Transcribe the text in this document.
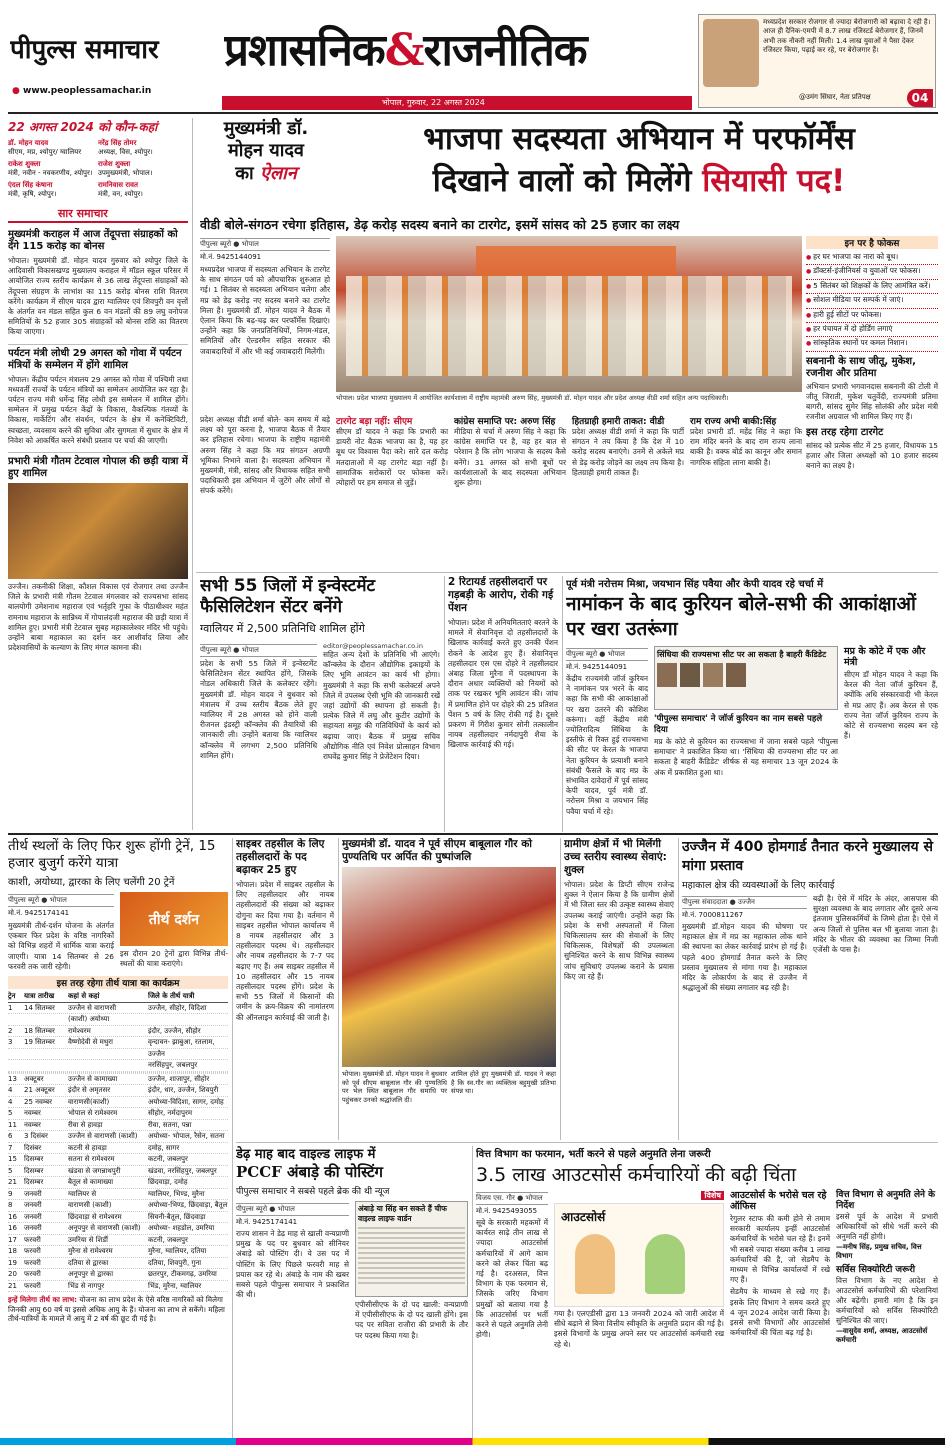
पीपुल्स समाचार
● www.peoplessamachar.in
प्रशासनिक&राजनीतिक
भोपाल, गुरुवार, 22 अगस्त 2024
मध्यप्रदेश सरकार रोजगार से ज्यादा बेरोजगारी को बढ़ावा दे रही है। आज ही दैनिक-एमपी में 8.7 लाख रजिस्टर्ड बेरोजगार हैं, जिनमें अभी तक नौकरी नहीं मिली। 1.4 लाख युवाओं ने पैसा देकर रजिस्टर किया, पढ़ाई कर रहे, पर बेरोजगार हैं।
@उमंग सिंघार, नेता प्रतिपक्ष	04
22 अगस्त 2024 को कौन-कहां
डॉ. मोहन यादव
सीएम, मप्र, श्योपुर/ ग्वालियर
नरेंद्र सिंह तोमर
अध्यक्ष, विस, श्योपुर।
राकेश शुक्ला
मंत्री, नवीन - नवकरणीय, श्योपुर।
राजेश शुक्ला
उपमुख्यमंत्री, भोपाल।
एंदल सिंह कंषाना
मंत्री, कृषि, श्योपुर।
रामनिवास रावत
मंत्री, वन, श्योपुर।
सार समाचार
मुख्यमंत्री कराहल में आज तेंदूपत्ता संग्राहकों को देंगे 115 करोड़ का बोनस
भोपाल। मुख्यमंत्री डॉ. मोहन यादव गुरुवार को श्योपुर जिले के आदिवासी विकासखण्ड मुख्यालय कराहल में मॉडल स्कूल परिसर में आयोजित राज्य स्तरीय कार्यक्रम से 36 लाख तेंदूपत्ता संग्राहकों को तेंदूपत्ता संग्रहण के लाभांश का 115 करोड़ बोनस राशि वितरण करेंगे। कार्यक्रम में सीएम यादव द्वारा ग्वालियर एवं शिवपुरी वन वृत्तों के अंतर्गत वन मंडल सहित कुल 6 वन मंडलों की 89 लघु वनोपज समितियों के 52 हजार 305 संग्राहकों को बोनस राशि का वितरण किया जाएगा।
पर्यटन मंत्री लोधी 29 अगस्त को गोवा में पर्यटन मंत्रियों के सम्मेलन में होंगे शामिल
भोपाल। केंद्रीय पर्यटन मंत्रालय 29 अगस्त को गोवा में पश्चिमी तथा मध्यवर्ती राज्यों के पर्यटन मंत्रियों का सम्मेलन आयोजित कर रहा है। पर्यटन राज्य मंत्री धर्मेन्द्र सिंह लोधी इस सम्मेलन में शामिल होंगे। सम्मेलन में प्रमुख पर्यटन केंद्रों के विकास, वैकल्पिक गंतव्यों के विकास, मार्केटिंग और संवर्धन, पर्यटन के क्षेत्र में कनेक्टिविटी, स्वच्छता, व्यवसाय करने की सुविधा और सुगमता में सुधार के क्षेत्र में निवेश को आकर्षित करने संबंधी प्रस्ताव पर चर्चा की जाएगी।
प्रभारी मंत्री गौतम टेटवाल गोपाल की छड़ी यात्रा में हुए शामिल
उज्जैन। तकनीकी शिक्षा, कौशल विकास एवं रोजगार तथा उज्जैन जिले के प्रभारी मंत्री गौतम टेटवाल मंगलवार को राज्यसभा सांसद बालयोगी उमेशनाथ महाराज एवं भर्तृहरि गुफा के पीठाधीश्वर महंत रामनाथ महाराज के सान्निध्य में गोपालंदजी महाराज की छड़ी यात्रा में शामिल हुए। प्रभारी मंत्री टेटवाल सुबह महाकालेश्वर मंदिर भी पहुंचे। उन्होंने बाबा महाकाल का दर्शन कर आशीर्वाद लिया और प्रदेशवासियों के कल्याण के लिए मंगल कामना की।
मुख्यमंत्री डॉ.
मोहन यादव
का ऐलान
भाजपा सदस्यता अभियान में परफॉर्मेंस
दिखाने वालों को मिलेंगे सियासी पद!
वीडी बोले-संगठन रचेगा इतिहास, डेढ़ करोड़ सदस्य बनाने का टारगेट, इसमें सांसद को 25 हजार का लक्ष्य
पीपुल्स ब्यूरो ● भोपाल
मो.नं. 9425144091
मध्यप्रदेश भाजपा में सदस्यता अभियान के टारगेट के साथ संगठन पर्व को औपचारिक शुरुआत हो गई। 1 सितंबर से सदस्यता अभियान चलेगा और मप्र को डेढ़ करोड़ नए सदस्य बनाने का टारगेट मिला है। मुख्यमंत्री डॉ. मोहन यादव ने बैठक में ऐलान किया कि बढ़-चढ़ कर परफॉर्मेंस दिखाएं। उन्होंने कहा कि जनप्रतिनिधियों, निगम-मंडल, समितियों और ऐल्डरमैन सहित सरकार की जवाबदारियों में और भी कई जवाबदारी मिलेंगी।
प्रदेश अध्यक्ष वीडी शर्मा बोले- कम समय में बड़े लक्ष्य को पूरा करना है, भाजपा बैठक में तैयार कर इतिहास रचेगा। भाजपा के राष्ट्रीय महामंत्री अरुण सिंह ने कहा कि मप्र संगठन अग्रणी भूमिका निभाने वाला है। सदस्यता अभियान में मुख्यमंत्री, मंत्री, सांसद और विधायक सहित सभी पदाधिकारी इस अभियान में जुटेंगे और लोगों से संपर्क करेंगे।
भोपाल। प्रदेश भाजपा मुख्यालय में आयोजित कार्यशाला में राष्ट्रीय महामंत्री अरुण सिंह, मुख्यमंत्री डॉ. मोहन यादव और प्रदेश अध्यक्ष वीडी शर्मा सहित अन्य पदाधिकारी।
इन पर है फोकस
● हर घर भाजपा का नारा को बूथ।
● डॉक्टर्स-इंजीनियर्स व युवाओं पर फोकस।
● 5 सितंबर को शिक्षकों के लिए आमंत्रित करें।
● सोशल मीडिया पर सम्पर्क में जाएं।
● हारी हुई सीटों पर फोकस।
● हर पंचायत में दो होर्डिंग लगाएं
● सांस्कृतिक स्थानों पर कमल निशान।
सबनानी के साथ जीतू, मुकेश, रजनीश और प्रतिमा
अभियान प्रभारी भगवानदास सबनानी की टोली में जीतू जिराती, मुकेश चतुर्वेदी, राज्यमंत्री प्रतिमा बागरी, सांसद सुमेर सिंह सोलंकी और प्रदेश मंत्री रजनीश अग्रवाल भी शामिल किए गए हैं।
इस तरह रहेगा टारगेट
सांसद को प्रत्येक सीट में 25 हजार, विधायक 15 हजार और जिला अध्यक्षों को 10 हजार सदस्य बनाने का लक्ष्य है।
टारगेट बड़ा नहीं: सीएम
सीएम डॉ यादव ने कहा कि प्रभारी का डायरी नोट बैठक भाजपा का है, यह हर बूथ पर विश्वास पैदा करे। सारे दल करोड़ मतदाताओं में यह टारगेट बड़ा नहीं है। सामाजिक सरोकारों पर फोकस करें। त्योहारों पर हम समाज से जुड़ें।
कांग्रेस समाप्ति पर: अरुण सिंह
मीडिया से चर्चा में अरुण सिंह ने कहा कि कांग्रेस समाप्ति पर है, वह हर बात से परेशान है कि लोग भाजपा के सदस्य कैसे बनेंगे। 31 अगस्त को सभी बूथों पर कार्यशालाओं के बाद सदस्यता अभियान शुरू होगा।
हितग्राही हमारी ताकत: वीडी
प्रदेश अध्यक्ष वीडी शर्मा ने कहा कि पार्टी संगठन ने तय किया है कि देश में 10 करोड़ सदस्य बनाएंगे। उनमें से अकेले मप्र से डेढ़ करोड़ जोड़ने का लक्ष्य तय किया है। हितग्राही हमारी ताकत हैं।
राम राज्य अभी बाकी:सिंह
प्रदेश प्रभारी डॉ. महेंद्र सिंह ने कहा कि राम मंदिर बनने के बाद राम राज्य लाना बाकी है। वक्फ बोर्ड का कानून और समान नागरिक संहिता लाना बाकी है।
सभी 55 जिलों में इन्वेस्टमेंट फैसिलिटेशन सेंटर बनेंगे
ग्वालियर में 2,500 प्रतिनिधि शामिल होंगे
पीपुल्स ब्यूरो ● भोपाल
प्रदेश के सभी 55 जिले में इन्वेस्टमेंट फेसिलिटेशन सेंटर स्थापित होंगे, जिसके नोडल अधिकारी जिले के कलेक्टर रहेंगे। मुख्यमंत्री डॉ. मोहन यादव ने बुधवार को मंत्रालय में उच्च स्तरीय बैठक लेते हुए ग्वालियर में 28 अगस्त को होने वाली रीजनल इंडस्ट्री कॉन्क्लेव की तैयारियों की जानकारी ली। उन्होंने बताया कि ग्वालियर कॉन्क्लेव में लगभग 2,500 प्रतिनिधि शामिल होंगे।
editor@peoplessamachar.co.in
सहित अन्य देशों के प्रतिनिधि भी आएंगे। कॉन्क्लेव के दौरान औद्योगिक इकाइयों के लिए भूमि आवंटन का कार्य भी होगा। मुख्यमंत्री ने कहा कि सभी कलेक्टर्स अपने जिले में उपलब्ध ऐसी भूमि की जानकारी रखें जहां उद्योगों की स्थापना हो सकती है। प्रत्येक जिले में लघु और कुटीर उद्योगों के सहायता समूह की गतिविधियों के कार्य को बढ़ाया जाए। बैठक में प्रमुख सचिव औद्योगिक नीति एवं निवेश प्रोत्साहन विभाग राघवेंद्र कुमार सिंह ने प्रेजेंटेशन दिया।
2 रिटायर्ड तहसीलदारों पर गड़बड़ी के आरोप, रोकी गई पेंशन
भोपाल। प्रदेश में अनियमितताएं बरतने के मामले में सेवानिवृत्त दो तहसीलदारों के खिलाफ कार्रवाई करते हुए उनकी पेंशन रोकने के आदेश हुए हैं। सेवानिवृत्त तहसीलदार एस एस दोहरे ने तहसीलदार अंबाह जिला मुरैना में पदस्थापना के दौरान अधार व्यक्तियों को नियमों को ताक पर रखकर भूमि आवंटन की। जांच में प्रमाणित होने पर दोहरे की 25 प्रतिशत पेंशन 5 वर्ष के लिए रोकी गई है। दूसरे प्रकरण में गिरीश कुमार सोनी तत्कालीन नायब तहसीलदार नर्मदापुरी शैया के खिलाफ कार्रवाई की गई।
पूर्व मंत्री नरोत्तम मिश्रा, जयभान सिंह पवैया और केपी यादव रहे चर्चा में
नामांकन के बाद कुरियन बोले-सभी की आकांक्षाओं पर खरा उतरूंगा
पीपुल्स ब्यूरो ● भोपाल
मो.नं. 9425144091
केंद्रीय राज्यमंत्री जॉर्ज कुरियन ने नामांकन पत्र भरने के बाद कहा कि सभी की आकांक्षाओं पर खरा उतरने की कोशिश करूंगा। वहीं केंद्रीय मंत्री ज्योतिरादित्य सिंधिया के इस्तीफे से रिक्त हुई राज्यसभा की सीट पर केरल के भाजपा नेता कुरियन के प्रत्याशी बनाने संबंधी फैसले के बाद मप्र के संभावित दावेदारों में पूर्व सांसद केपी यादव, पूर्व मंत्री डॉ. नरोत्तम मिश्रा व जयभान सिंह पवैया चर्चा में रहे।
सिंधिया की राज्यसभा सीट पर आ सकता है बाहरी कैंडिडेट
'पीपुल्स समाचार' ने जॉर्ज कुरियन का नाम सबसे पहले दिया
मप्र के कोटे से कुरियन का राज्यसभा में जाना सबसे पहले 'पीपुल्स समाचार' ने प्रकाशित किया था। 'सिंधिया की राज्यसभा सीट पर आ सकता है बाहरी कैंडिडेट' शीर्षक से यह समाचार 13 जून 2024 के अंक में प्रकाशित हुआ था।
मप्र के कोटे में एक और मंत्री
सीएम डॉ मोहन यादव ने कहा कि केरल की नेता जॉर्ज कुरियन हैं, क्योंकि अधि संस्कारवादी भी केरल से मप्र आए हैं। अब केरल से एक राज्य नेता जॉर्ज कुरियन राज्य के कोटे से राज्यसभा सदस्य बन रहे हैं।
तीर्थ स्थलों के लिए फिर शुरू होंगी ट्रेनें, 15 हजार बुजुर्ग करेंगे यात्रा
काशी, अयोध्या, द्वारका के लिए चलेंगी 20 ट्रेनें
पीपुल्स ब्यूरो ● भोपाल
मो.नं. 9425174141
मुख्यमंत्री तीर्थ-दर्शन योजना के अंतर्गत एकबार फिर प्रदेश के वरिष्ठ नागरिकों को विभिन्न शहरों में धार्मिक यात्रा कराई जाएगी। यात्रा 14 सितम्बर से 26 फरवरी तक जारी रहेगी।
तीर्थ दर्शन
इस दौरान 20 ट्रेनों द्वारा विभिन्न तीर्थ-स्थलों की यात्रा कराएंगे।
इस तरह रहेगा तीर्थ यात्रा का कार्यक्रम
ट्रेन	यात्रा तारीख	कहां से कहां	जिले के तीर्थ यात्री
1	14 सितम्बर	उज्जैन से वाराणसी	उज्जैन, सीहोर, विदिशा
(काशी) अयोध्या
2	18 सितम्बर	रामेश्वरम	इंदौर, उज्जैन, सीहोर
3	19 सितम्बर	वैष्णोदेवी से मथुरा	वृन्दावन- झाबुआ, रतलाम,
उज्जैन
नरसिंहपुर, जबलपुर
13	अक्टूबर	उज्जैन से कामाख्या	उज्जैन, शाजापुर, सीहोर
4	21 अक्टूबर	इंदौर से अमृतसर	इंदौर, धार, उज्जैन, शिवपुरी
4	25 नवम्बर	वाराणसी(काशी)	अयोध्या-विदिशा, सागर, दमोह
5	नवम्बर	भोपाल से रामेश्वरम	सीहोर, नर्मदापुरम
11	नवम्बर	रीवा से हावड़ा	रीवा, सतना, पन्ना
6	3 दिसंबर	उज्जैन से वाराणसी (काशी)	अयोध्या- भोपाल, रैसेन, सतना
7	दिसंबर	कटनी से हावड़ा	दमोह, सागर
15	दिसम्बर	सतना से रामेश्वरम	कटनी, जबलपुर
5	दिसम्बर	खंडवा से जगन्नाथपुरी	खंडवा, नरसिंहपुर, जबलपुर
21	दिसम्बर	बैतूल से कामाख्या	छिंदवाड़ा, दमोह
9	जनवरी	ग्वालियर से	ग्वालियर, भिण्ड, मुरैना
8	जनवरी	वाराणसी (काशी)	अयोध्या-भिण्ड, छिंदवाड़ा, बैतूल
16	जनवरी	छिंदवाड़ा से रामेश्वरम	सिवनी-बैतूल, छिंदवाड़ा
16	जनवरी	अनूपपुर से वाराणसी (काशी)	अयोध्या- शहडोल, उमरिया
17	फरवरी	उमरिया से शिर्डी	कटनी, जबलपुर
18	फरवरी	मुरैना से रामेश्वरम	मुरैना, ग्वालियर, दतिया
19	फरवरी	दतिया से द्वारका	दतिया, शिवपुरी, गुना
20	फरवरी	अनूपपुर से द्वारका	छतरपुर, टीकमगढ़, उमरिया
21	फरवरी	भिंड से नागपुर	भिंड, मुरैना, ग्वालियर
इन्हें मिलेगा तीर्थ का लाभ: योजना का लाभ प्रदेश के ऐसे वरिष्ठ नागरिकों को मिलेगा जिनकी आयु 60 वर्ष या इससे अधिक आयु के हैं। योजना का लाभ ले सकेंगे। महिला तीर्थ-यात्रियों के मामले में आयु में 2 वर्ष की छूट दी गई है।
साइबर तहसील के लिए तहसीलदारों के पद बढ़ाकर 25 हुए
भोपाल। प्रदेश में साइबर तहसील के लिए तहसीलदार और नायब तहसीलदारों की संख्या को बढ़ाकर दोगुना कर दिया गया है। वर्तमान में साइबर तहसील भोपाल कार्यालय में 8 नायब तहसीलदार और 3 तहसीलदार पदस्थ थे। तहसीलदार और नायब तहसीलदार के 7-7 पद बढ़ाए गए हैं। अब साइबर तहसील में 10 तहसीलदार और 15 नायब तहसीलदार पदस्थ होंगे। प्रदेश के सभी 55 जिलों में किसानों की जमीन के क्रय-विक्रय की नामांतरण की ऑनलाइन कार्रवाई की जाती है।
मुख्यमंत्री डॉ. यादव ने पूर्व सीएम बाबूलाल गौर को पुण्यतिथि पर अर्पित की पुष्पांजलि
भोपाल। मुख्यमंत्री डॉ. मोहन यादव ने बुधवार को पूर्व सीएम बाबूलाल गौर की पुण्यतिथि पर भेल स्थित बाबूलाल गौर समाधि पर पहुंचकर उनको श्रद्धांजलि दी।
शामिल होते हुए मुख्यमंत्री डॉ. यादव ने कहा है कि स्व.गौर का व्यक्तित्व बहुमुखी प्रतिभा संपन्न था।
ग्रामीण क्षेत्रों में भी मिलेंगी उच्च स्तरीय स्वास्थ्य सेवाएं: शुक्ल
भोपाल। प्रदेश के डिप्टी सीएम राजेन्द्र शुक्ल ने ऐलान किया है कि ग्रामीण क्षेत्रों में भी जिला स्तर की उत्कृष्ट स्वास्थ्य सेवाएं उपलब्ध कराई जाएंगी। उन्होंने कहा कि प्रदेश के सभी अस्पतालों में जिला चिकित्सालय स्तर की सेवाओं के लिए चिकित्सक, विशेषज्ञों की उपलब्धता सुनिश्चित करने के साथ विभिन्न स्वास्थ्य जांच सुविधाएं उपलब्ध कराने के प्रयास किए जा रहे हैं।
उज्जैन में 400 होमगार्ड तैनात करने मुख्यालय से मांगा प्रस्ताव
महाकाल क्षेत्र की व्यवस्थाओं के लिए कार्रवाई
पीपुल्स संवाददाता ● उज्जैन
मो.नं. 7000811267
मुख्यमंत्री डॉ.मोहन यादव की घोषणा पर महाकाल क्षेत्र में मप्र का महाकाल लोक थाने की स्थापना का लेकर कार्रवाई प्रारंभ हो गई है। पहले 400 होमगार्ड तैनात करने के लिए प्रस्ताव मुख्यालय से मांगा गया है। महाकाल मंदिर के लोकार्पण के बाद से उज्जैन में श्रद्धालुओं की संख्या लगातार बढ़ रही है।
बढ़ी है। ऐसे में मंदिर के अंदर, आसपास की सुरक्षा व्यवस्था के बाद लगातार और दूसरे अन्य इंतजाम पुलिसकर्मियों के जिम्मे होता है। ऐसे में अन्य जिलों से पुलिस बल भी बुलाया जाता है। मंदिर के भीतर की व्यवस्था का जिम्मा निजी एजेंसी के पास है।
डेढ़ माह बाद वाइल्ड लाइफ में
PCCF अंबाड़े की पोस्टिंग
पीपुल्स समाचार ने सबसे पहले ब्रेक की थी न्यूज
पीपुल्स ब्यूरो ● भोपाल
मो.नं. 9425174141
राज्य शासन ने डेढ़ माह से खाली वन्यप्राणी प्रमुख के पद पर बुधवार को सीनियर अंबाड़े को पोस्टिंग दी। ये उस पद में पोस्टिंग के लिए पिछले फरवरी माह से प्रयास कर रहे थे। अंबाड़े के नाम की खबर सबसे पहले पीपुल्स समाचार ने प्रकाशित की थी।
अंबाड़े या सिंह बन सकते हैं चीफ वाइल्ड लाइफ वार्डन
एपीसीसीएफ के दो पद खाली: वन्यप्राणी में एपीसीसीएफ के दो पद खाली होंगे। इस पद पर सविता राजौरा की प्रभारी के तौर पर पदस्थ किया गया है।
वित्त विभाग का फरमान, भर्ती करने से पहले अनुमति लेना जरूरी
3.5 लाख आउटसोर्स कर्मचारियों की बढ़ी चिंता
विजय एस. गौर ● भोपाल
मो.नं. 9425493055
सूबे के सरकारी महकमों में कार्यरत साढ़े तीन लाख से ज्यादा आउटसोर्स कर्मचारियों में आगे काम करने को लेकर चिंता बढ़ गई है। दरअसल, वित्त विभाग के एक फरमान से, जिसके जरिए विभाग प्रमुखों को बताया गया है कि आउटसोर्स पर भर्ती करने से पहले अनुमति लेनी होगी।
विशेष
आउटसोर्स
गया है। एलएडीसी द्वारा 13 जनवरी 2024 को जारी आदेश में सीधे बढ़ाने से बिना वित्तीय स्वीकृति के अनुमति प्रदान की गई है। इससे विभागों के प्रमुख अपने स्तर पर आउटसोर्स कर्मचारी रख रहे थे।
आउटसोर्स के भरोसे चल रहे ऑफिस
रेगुलर स्टाफ की कमी होने से तमाम सरकारी कार्यालय इन्हीं आउटसोर्स कर्मचारियों के भरोसे चल रहे हैं। इनमें भी सबसे ज्यादा संख्या करीब 1 लाख कर्मचारियों की है, जो सेडमैप के माध्यम से विभिन्न कार्यालयों में रखे गए हैं।
सेडमैप के माध्यम से रखे गए हैं। इसके लिए विभाग ने समय करते हुए 4 जून 2024 आदेश जारी किया है। इससे सभी विभागों और आउटसोर्स कर्मचारियों की चिंता बढ़ गई है।
वित्त विभाग से अनुमति लेने के निर्देश
इससे पूर्व के आदेश में प्रभारी अधिकारियों को सीधे भर्ती करने की अनुमति नहीं होगी।
—मनीष सिंह, प्रमुख सचिव, वित्त विभाग
सर्विस सिक्योरिटी जरूरी
वित्त विभाग के नए आदेश से आउटसोर्स कर्मचारियों की परेशानियां और बढ़ेंगी। हमारी मांग है कि इन कर्मचारियों को सर्विस सिक्योरिटी सुनिश्चित की जाए।
—वासुदेव शर्मा, अध्यक्ष, आउटसोर्स कर्मचारी
